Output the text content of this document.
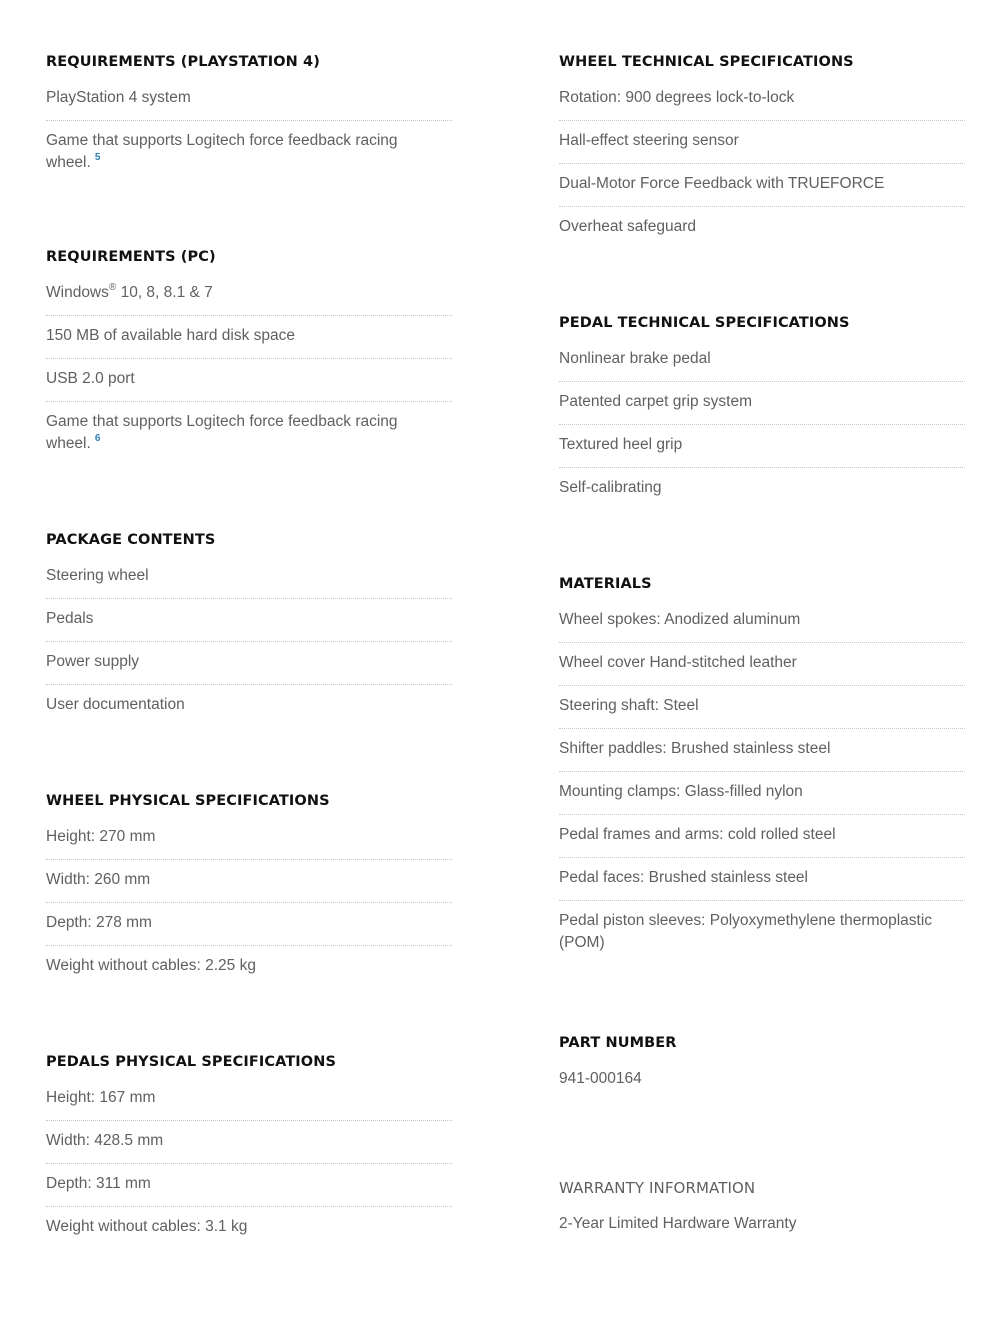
REQUIREMENTS (PLAYSTATION 4)
PlayStation 4 system
Game that supports Logitech force feedback racing wheel. $^5$
REQUIREMENTS (PC)
Windows® 10, 8, 8.1 & 7
150 MB of available hard disk space
USB 2.0 port
Game that supports Logitech force feedback racing wheel. $^6$
PACKAGE CONTENTS
Steering wheel
Pedals
Power supply
User documentation
WHEEL PHYSICAL SPECIFICATIONS
Height: 270 mm
Width: 260 mm
Depth: 278 mm
Weight without cables: 2.25 kg
PEDALS PHYSICAL SPECIFICATIONS
Height: 167 mm
Width: 428.5 mm
Depth: 311 mm
Weight without cables: 3.1 kg
WHEEL TECHNICAL SPECIFICATIONS
Rotation: 900 degrees lock-to-lock
Hall-effect steering sensor
Dual-Motor Force Feedback with TRUEFORCE
Overheat safeguard
PEDAL TECHNICAL SPECIFICATIONS
Nonlinear brake pedal
Patented carpet grip system
Textured heel grip
Self-calibrating
MATERIALS
Wheel spokes: Anodized aluminum
Wheel cover Hand-stitched leather
Steering shaft: Steel
Shifter paddles: Brushed stainless steel
Mounting clamps: Glass-filled nylon
Pedal frames and arms: cold rolled steel
Pedal faces: Brushed stainless steel
Pedal piston sleeves: Polyoxymethylene thermoplastic (POM)
PART NUMBER
941-000164
WARRANTY INFORMATION
2-Year Limited Hardware Warranty
